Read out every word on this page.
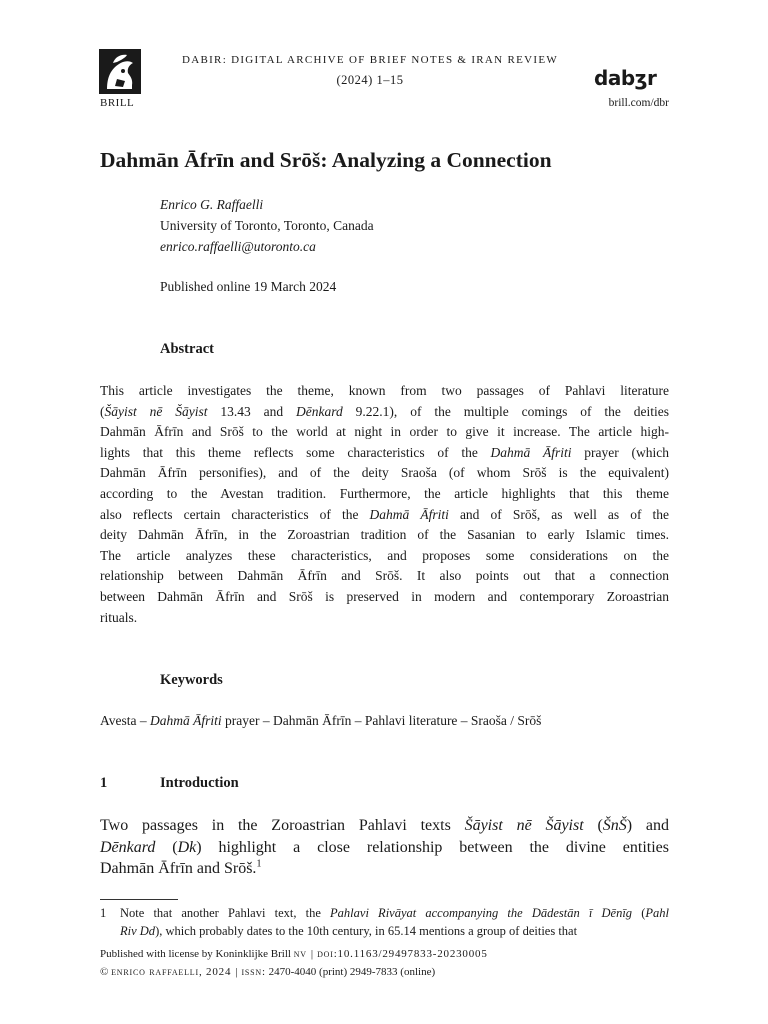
BRILL
DABIR: DIGITAL ARCHIVE OF BRIEF NOTES & IRAN REVIEW
(2024) 1–15	dabӡr
brill.com/dbr
Dahmān Āfrīn and Srōš: Analyzing a Connection
Enrico G. Raffaelli
University of Toronto, Toronto, Canada
enrico.raffaelli@utoronto.ca
Published online 19 March 2024
Abstract
This article investigates the theme, known from two passages of Pahlavi literature
(Šāyist nē Šāyist 13.43 and Dēnkard 9.22.1), of the multiple comings of the deities
Dahmān Āfrīn and Srōš to the world at night in order to give it increase. The article high-
lights that this theme reflects some characteristics of the Dahmā Āfriti prayer (which
Dahmān Āfrīn personifies), and of the deity Sraoša (of whom Srōš is the equivalent)
according to the Avestan tradition. Furthermore, the article highlights that this theme
also reflects certain characteristics of the Dahmā Āfriti and of Srōš, as well as of the
deity Dahmān Āfrīn, in the Zoroastrian tradition of the Sasanian to early Islamic times.
The article analyzes these characteristics, and proposes some considerations on the
relationship between Dahmān Āfrīn and Srōš. It also points out that a connection
between Dahmān Āfrīn and Srōš is preserved in modern and contemporary Zoroastrian
rituals.
Keywords
Avesta – Dahmā Āfriti prayer – Dahmān Āfrīn – Pahlavi literature – Sraoša / Srōš
1	Introduction
Two passages in the Zoroastrian Pahlavi texts Šāyist nē Šāyist (ŠnŠ) and
Dēnkard (Dk) highlight a close relationship between the divine entities
Dahmān Āfrīn and Srōš.$^1$
1 Note that another Pahlavi text, the Pahlavi Rivāyat accompanying the Dādestān ī Dēnīg (Pahl
Riv Dd), which probably dates to the 10th century, in 65.14 mentions a group of deities that
Published with license by Koninklijke Brill nv | doi:10.1163/29497833-20230005
© enrico raffaelli, 2024 | issn: 2470-4040 (print) 2949-7833 (online)
